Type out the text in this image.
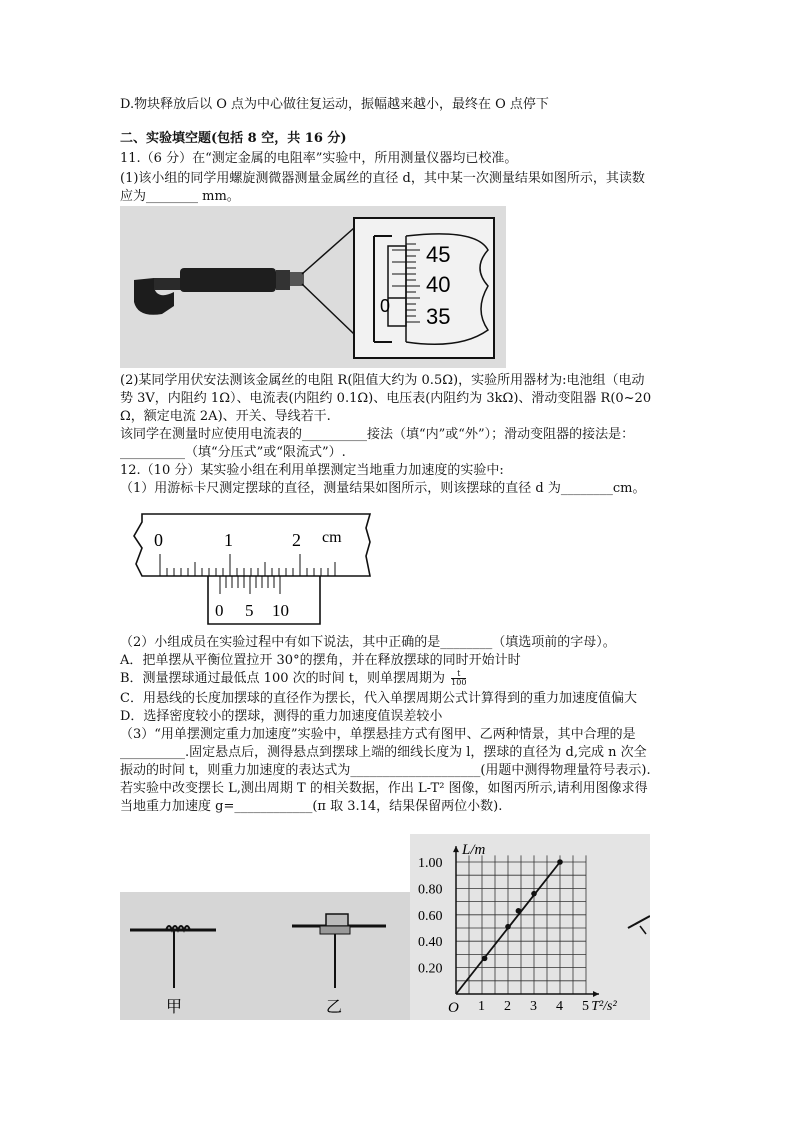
D.物块释放后以 O 点为中心做往复运动，振幅越来越小，最终在 O 点停下
二、实验填空题(包括 8 空，共 16 分)
11.（6 分）在“测定金属的电阻率”实验中，所用测量仪器均已校准。
(1)该小组的同学用螺旋测微器测量金属丝的直径 d，其中某一次测量结果如图所示，其读数
应为________ mm。
45
40
35
0
(2)某同学用伏安法测该金属丝的电阻 R(阻值大约为 0.5Ω)，实验所用器材为:电池组（电动
势 3V，内阻约 1Ω）、电流表(内阻约 0.1Ω)、电压表(内阻约为 3kΩ)、滑动变阻器 R(0~20
Ω，额定电流 2A)、开关、导线若干.
该同学在测量时应使用电流表的__________接法（填“内”或“外”）；滑动变阻器的接法是：
__________（填“分压式”或“限流式”）.
12.（10 分）某实验小组在利用单摆测定当地重力加速度的实验中:
（1）用游标卡尺测定摆球的直径，测量结果如图所示，则该摆球的直径 d 为________cm。
0	1	2 cm
0 5 10
（2）小组成员在实验过程中有如下说法，其中正确的是________（填选项前的字母）。
A．把单摆从平衡位置拉开 30°的摆角，并在释放摆球的同时开始计时
B．测量摆球通过最低点 100 次的时间 t，则单摆周期为 $\frac{t}{100}$
C．用悬线的长度加摆球的直径作为摆长，代入单摆周期公式计算得到的重力加速度值偏大
D．选择密度较小的摆球，测得的重力加速度值误差较小
（3）“用单摆测定重力加速度”实验中，单摆悬挂方式有图甲、乙两种情景，其中合理的是
__________.固定悬点后，测得悬点到摆球上端的细线长度为 l，摆球的直径为 d,完成 n 次全
振动的时间 t，则重力加速度的表达式为____________________(用题中测得物理量符号表示).
若实验中改变摆长 L,测出周期 T 的相关数据，作出 L-T² 图像，如图丙所示,请利用图像求得
当地重力加速度 g=____________(π 取 3.14，结果保留两位小数).
甲	乙	1 2 3 4 5
0.20
0.40
0.60
0.80
1.00
O
L/m
T²/s²
